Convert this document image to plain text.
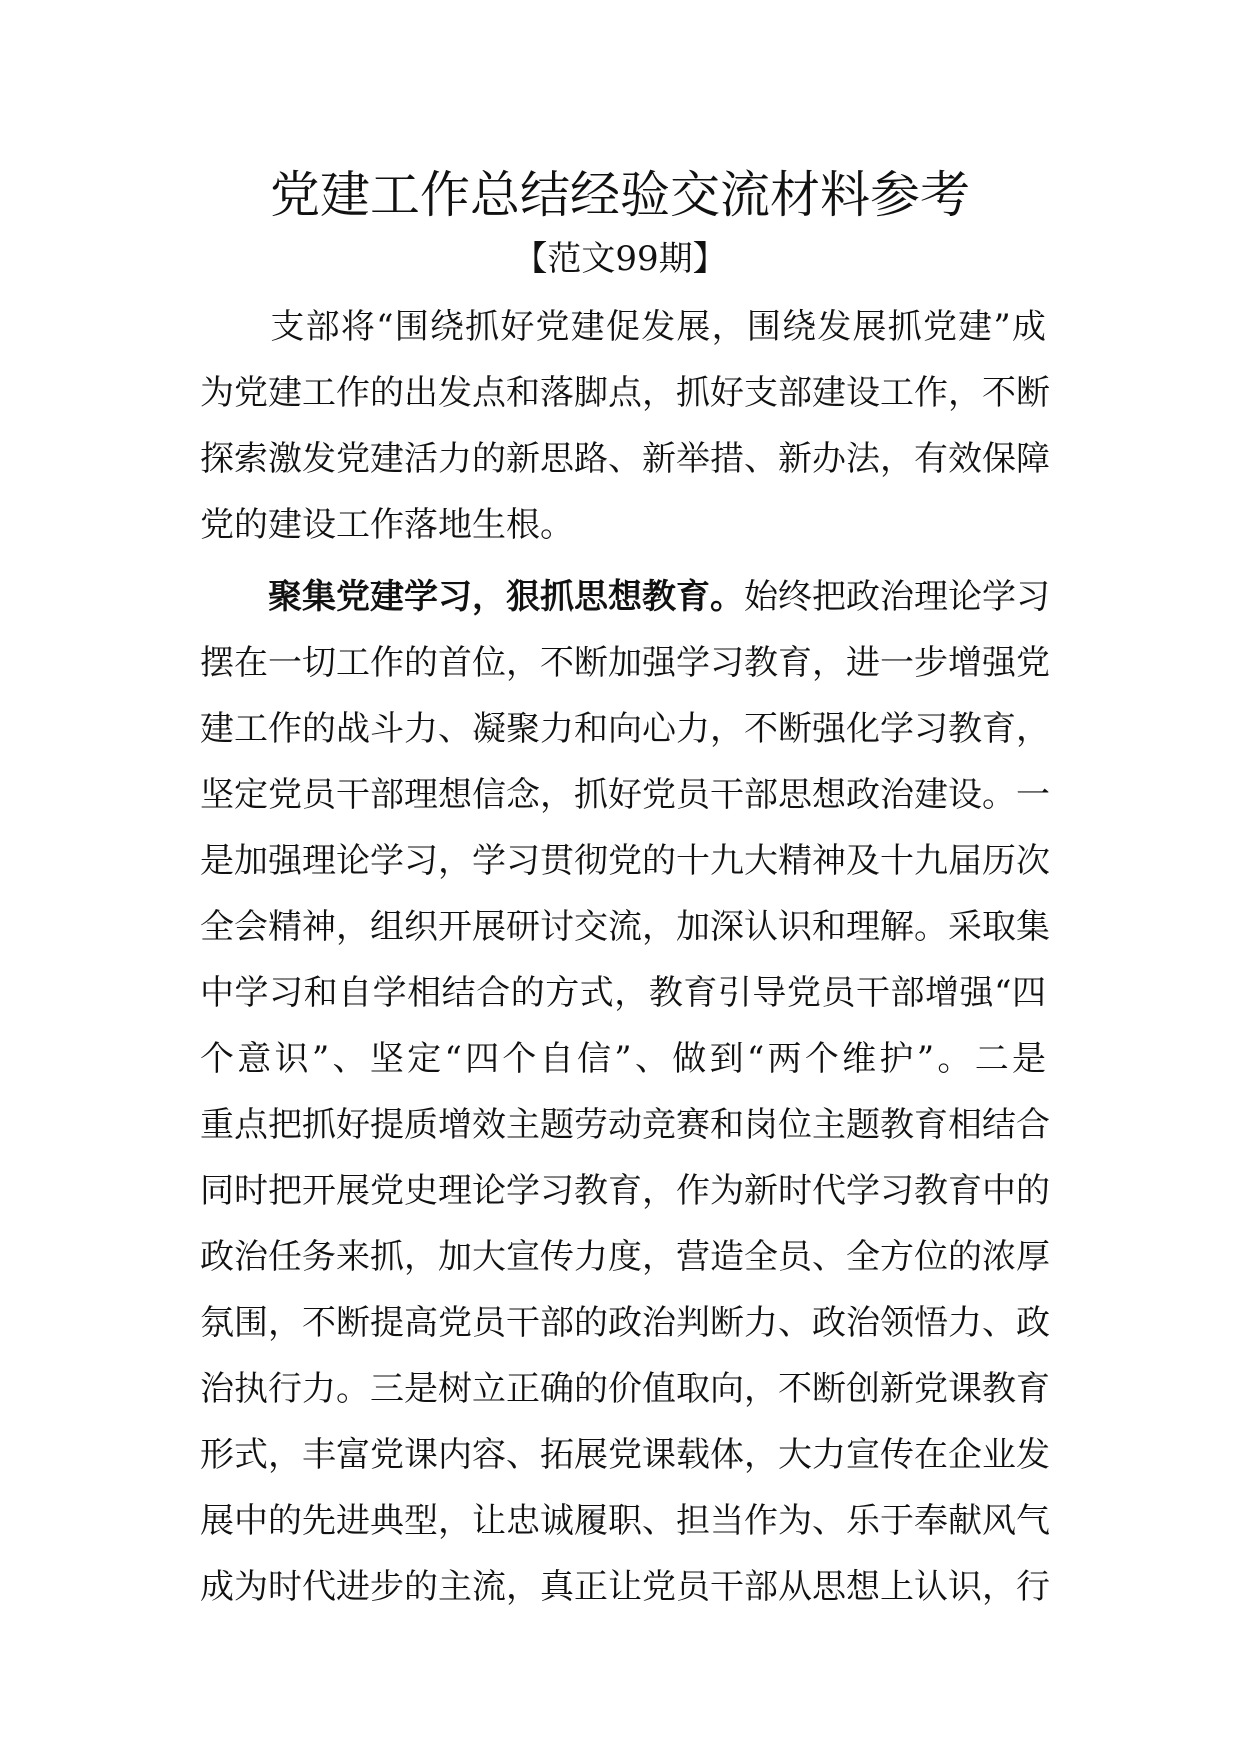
党建工作总结经验交流材料参考
【范文99期】
　　支部将“围绕抓好党建促发展，围绕发展抓党建”成
为党建工作的出发点和落脚点，抓好支部建设工作，不断
探索激发党建活力的新思路、新举措、新办法，有效保障
党的建设工作落地生根。
　　聚集党建学习，狠抓思想教育。始终把政治理论学习
摆在一切工作的首位，不断加强学习教育，进一步增强党
建工作的战斗力、凝聚力和向心力，不断强化学习教育，
坚定党员干部理想信念，抓好党员干部思想政治建设。一
是加强理论学习，学习贯彻党的十九大精神及十九届历次
全会精神，组织开展研讨交流，加深认识和理解。采取集
中学习和自学相结合的方式，教育引导党员干部增强“四
个意识”、坚定“四个自信”、做到“两个维护”。二是
重点把抓好提质增效主题劳动竞赛和岗位主题教育相结合
同时把开展党史理论学习教育，作为新时代学习教育中的
政治任务来抓，加大宣传力度，营造全员、全方位的浓厚
氛围，不断提高党员干部的政治判断力、政治领悟力、政
治执行力。三是树立正确的价值取向，不断创新党课教育
形式，丰富党课内容、拓展党课载体，大力宣传在企业发
展中的先进典型，让忠诚履职、担当作为、乐于奉献风气
成为时代进步的主流，真正让党员干部从思想上认识，行
